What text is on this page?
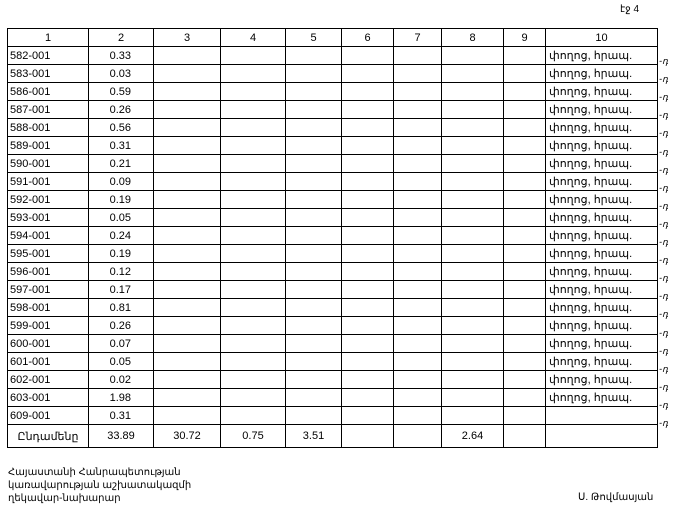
էջ 4
1	2	3	4	5	6	7	8	9	10
582-001	0.33								փողոց, հրապ.
583-001	0.03								փողոց, հրապ.
586-001	0.59								փողոց, հրապ.
587-001	0.26								փողոց, հրապ.
588-001	0.56								փողոց, հրապ.
589-001	0.31								փողոց, հրապ.
590-001	0.21								փողոց, հրապ.
591-001	0.09								փողոց, հրապ.
592-001	0.19								փողոց, հրապ.
593-001	0.05								փողոց, հրապ.
594-001	0.24								փողոց, հրապ.
595-001	0.19								փողոց, հրապ.
596-001	0.12								փողոց, հրապ.
597-001	0.17								փողոց, հրապ.
598-001	0.81								փողոց, հրապ.
599-001	0.26								փողոց, հրապ.
600-001	0.07								փողոց, հրապ.
601-001	0.05								փողոց, հրապ.
602-001	0.02								փողոց, հրապ.
603-001	1.98								փողոց, հրապ.
609-001	0.31								
Ընդամենը	33.89	30.72	0.75	3.51			2.64		
-դ
-դ
-դ
-դ
-դ
-դ
-դ
-դ
-դ
-դ
-դ
-դ
-դ
-դ
-դ
-դ
-դ
-դ
-դ
-դ
-դ
Հայաստանի Հանրապետության
կառավարության աշխատակազմի
ղեկավար-նախարար	Ս. Թովմասյան
